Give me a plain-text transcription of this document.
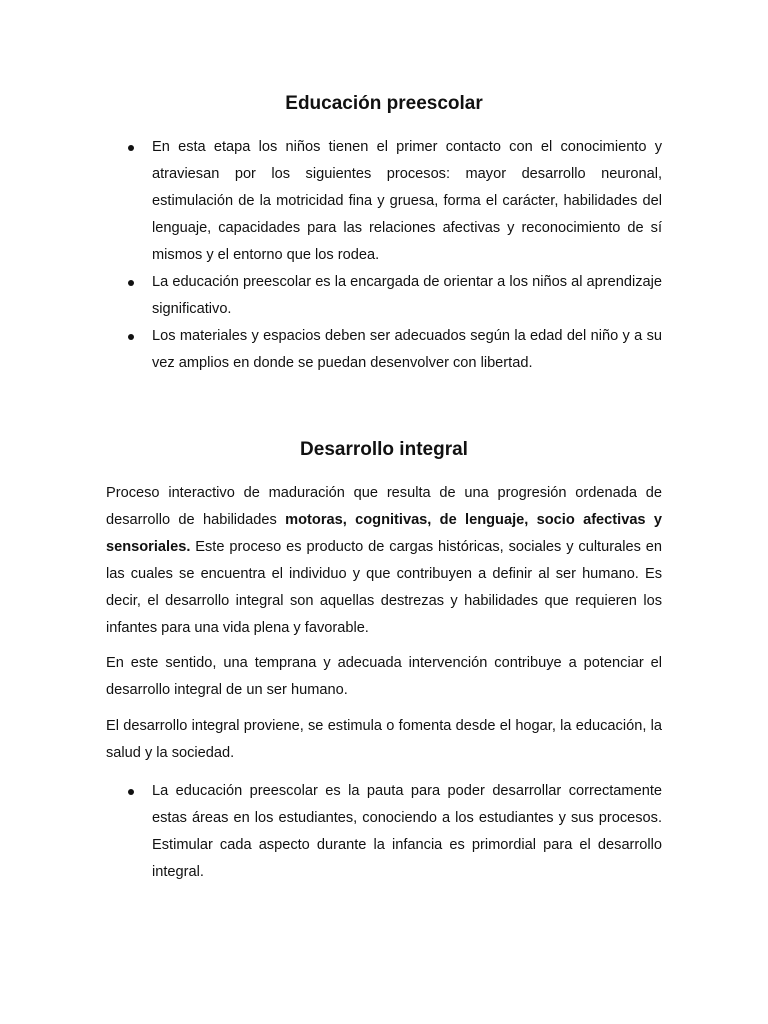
Educación preescolar
En esta etapa los niños tienen el primer contacto con el conocimiento y atraviesan por los siguientes procesos: mayor desarrollo neuronal, estimulación de la motricidad fina y gruesa, forma el carácter, habilidades del lenguaje, capacidades para las relaciones afectivas y reconocimiento de sí mismos y el entorno que los rodea.
La educación preescolar es la encargada de orientar a los niños al aprendizaje significativo.
Los materiales y espacios deben ser adecuados según la edad del niño y a su vez amplios en donde se puedan desenvolver con libertad.
Desarrollo integral

Proceso interactivo de maduración que resulta de una progresión ordenada de desarrollo de habilidades motoras, cognitivas, de lenguaje, socio afectivas y sensoriales. Este proceso es producto de cargas históricas, sociales y culturales en las cuales se encuentra el individuo y que contribuyen a definir al ser humano. Es decir, el desarrollo integral son aquellas destrezas y habilidades que requieren los infantes para una vida plena y favorable.

En este sentido, una temprana y adecuada intervención contribuye a potenciar el desarrollo integral de un ser humano.

El desarrollo integral proviene, se estimula o fomenta desde el hogar, la educación, la salud y la sociedad.

La educación preescolar es la pauta para poder desarrollar correctamente estas áreas en los estudiantes, conociendo a los estudiantes y sus procesos. Estimular cada aspecto durante la infancia es primordial para el desarrollo integral.
